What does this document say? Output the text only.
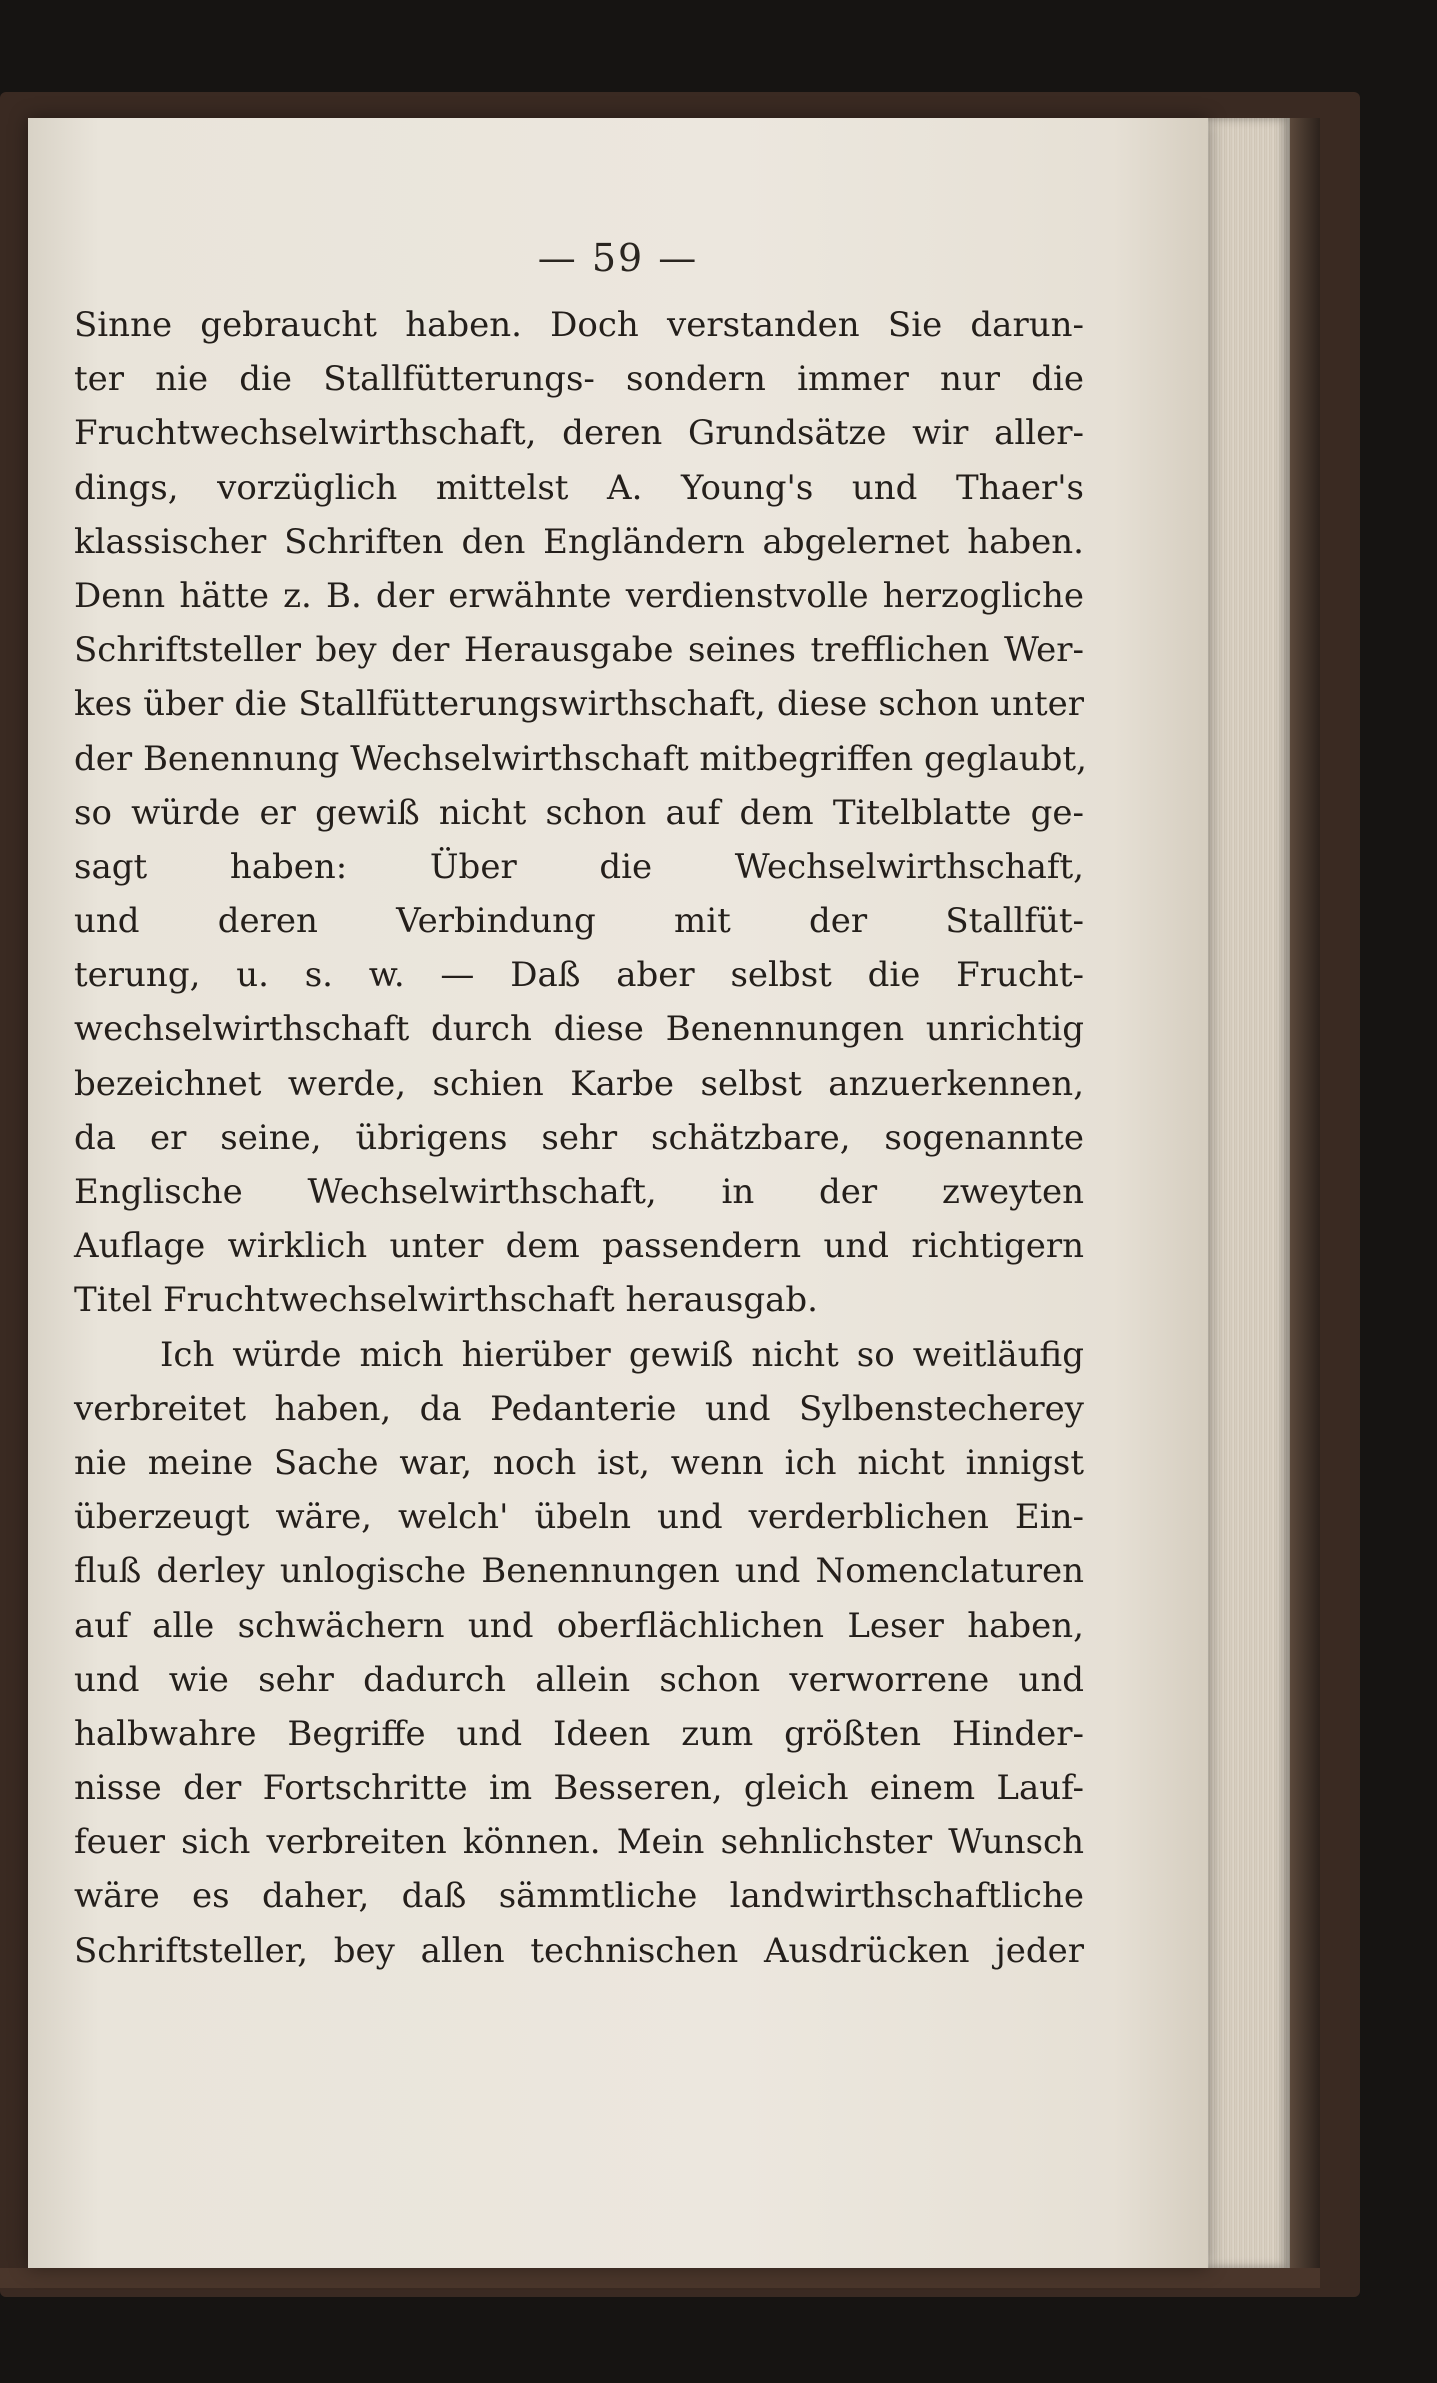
— 59 —
Sinne gebraucht haben. Doch verstanden Sie darun-
ter nie die Stallfütterungs- sondern immer nur die
Fruchtwechselwirthschaft, deren Grundsätze wir aller-
dings, vorzüglich mittelst A. Young's und Thaer's
klassischer Schriften den Engländern abgelernet haben.
Denn hätte z. B. der erwähnte verdienstvolle herzogliche
Schriftsteller bey der Herausgabe seines trefflichen Wer-
kes über die Stallfütterungswirthschaft, diese schon unter
der Benennung Wechselwirthschaft mitbegriffen geglaubt,
so würde er gewiß nicht schon auf dem Titelblatte ge-
sagt haben: Über die Wechselwirthschaft,
und deren Verbindung mit der Stallfüt-
terung, u. s. w. — Daß aber selbst die Frucht-
wechselwirthschaft durch diese Benennungen unrichtig
bezeichnet werde, schien Karbe selbst anzuerkennen,
da er seine, übrigens sehr schätzbare, sogenannte
Englische Wechselwirthschaft, in der zweyten
Auflage wirklich unter dem passendern und richtigern
Titel Fruchtwechselwirthschaft herausgab.
Ich würde mich hierüber gewiß nicht so weitläufig
verbreitet haben, da Pedanterie und Sylbenstecherey
nie meine Sache war, noch ist, wenn ich nicht innigst
überzeugt wäre, welch' übeln und verderblichen Ein-
fluß derley unlogische Benennungen und Nomenclaturen
auf alle schwächern und oberflächlichen Leser haben,
und wie sehr dadurch allein schon verworrene und
halbwahre Begriffe und Ideen zum größten Hinder-
nisse der Fortschritte im Besseren, gleich einem Lauf-
feuer sich verbreiten können. Mein sehnlichster Wunsch
wäre es daher, daß sämmtliche landwirthschaftliche
Schriftsteller, bey allen technischen Ausdrücken jeder
